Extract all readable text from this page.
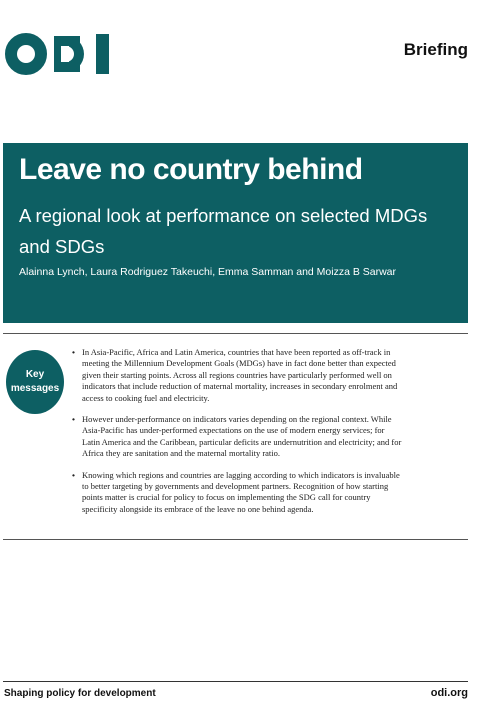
Briefing
Leave no country behind
A regional look at performance on selected MDGs and SDGs
Alainna Lynch, Laura Rodriguez Takeuchi, Emma Samman and Moizza B Sarwar
Key
messages
• In Asia-Pacific, Africa and Latin America, countries that have been reported as off-track in meeting the Millennium Development Goals (MDGs) have in fact done better than expected given their starting points. Across all regions countries have particularly performed well on indicators that include reduction of maternal mortality, increases in secondary enrolment and access to cooking fuel and electricity.
• However under-performance on indicators varies depending on the regional context. While Asia-Pacific has under-performed expectations on the use of modern energy services; for Latin America and the Caribbean, particular deficits are undernutrition and electricity; and for Africa they are sanitation and the maternal mortality ratio.
• Knowing which regions and countries are lagging according to which indicators is invaluable to better targeting by governments and development partners. Recognition of how starting points matter is crucial for policy to focus on implementing the SDG call for country specificity alongside its embrace of the leave no one behind agenda.
Shaping policy for development	odi.org
